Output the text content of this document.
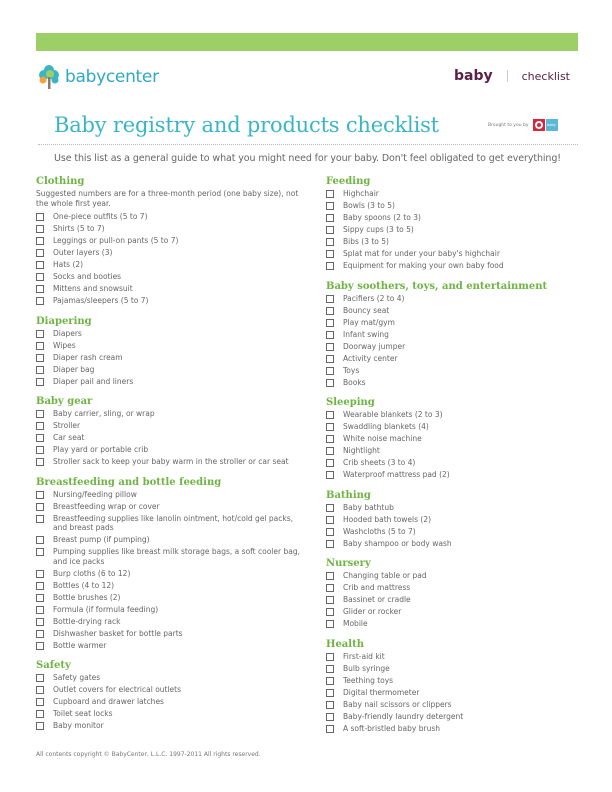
babycenter	baby	checklist
Baby registry and products checklist	Brought to you by	baby
Use this list as a general guide to what you might need for your baby. Don't feel obligated to get everything!
Clothing
Suggested numbers are for a three-month period (one baby size), not the whole first year.
One-piece outfits (5 to 7)
Shirts (5 to 7)
Leggings or pull-on pants (5 to 7)
Outer layers (3)
Hats (2)
Socks and booties
Mittens and snowsuit
Pajamas/sleepers (5 to 7)
Diapering
Diapers
Wipes
Diaper rash cream
Diaper bag
Diaper pail and liners
Baby gear
Baby carrier, sling, or wrap
Stroller
Car seat
Play yard or portable crib
Stroller sack to keep your baby warm in the stroller or car seat
Breastfeeding and bottle feeding
Nursing/feeding pillow
Breastfeeding wrap or cover
Breastfeeding supplies like lanolin ointment, hot/cold gel packs, and breast pads
Breast pump (if pumping)
Pumping supplies like breast milk storage bags, a soft cooler bag, and ice packs
Burp cloths (6 to 12)
Bottles (4 to 12)
Bottle brushes (2)
Formula (if formula feeding)
Bottle-drying rack
Dishwasher basket for bottle parts
Bottle warmer
Safety
Safety gates
Outlet covers for electrical outlets
Cupboard and drawer latches
Toilet seat locks
Baby monitor
Feeding
Highchair
Bowls (3 to 5)
Baby spoons (2 to 3)
Sippy cups (3 to 5)
Bibs (3 to 5)
Splat mat for under your baby's highchair
Equipment for making your own baby food
Baby soothers, toys, and entertainment
Pacifiers (2 to 4)
Bouncy seat
Play mat/gym
Infant swing
Doorway jumper
Activity center
Toys
Books
Sleeping
Wearable blankets (2 to 3)
Swaddling blankets (4)
White noise machine
Nightlight
Crib sheets (3 to 4)
Waterproof mattress pad (2)
Bathing
Baby bathtub
Hooded bath towels (2)
Washcloths (5 to 7)
Baby shampoo or body wash
Nursery
Changing table or pad
Crib and mattress
Bassinet or cradle
Glider or rocker
Mobile
Health
First-aid kit
Bulb syringe
Teething toys
Digital thermometer
Baby nail scissors or clippers
Baby-friendly laundry detergent
A soft-bristled baby brush
All contents copyright © BabyCenter, L.L.C. 1997-2011 All rights reserved.
